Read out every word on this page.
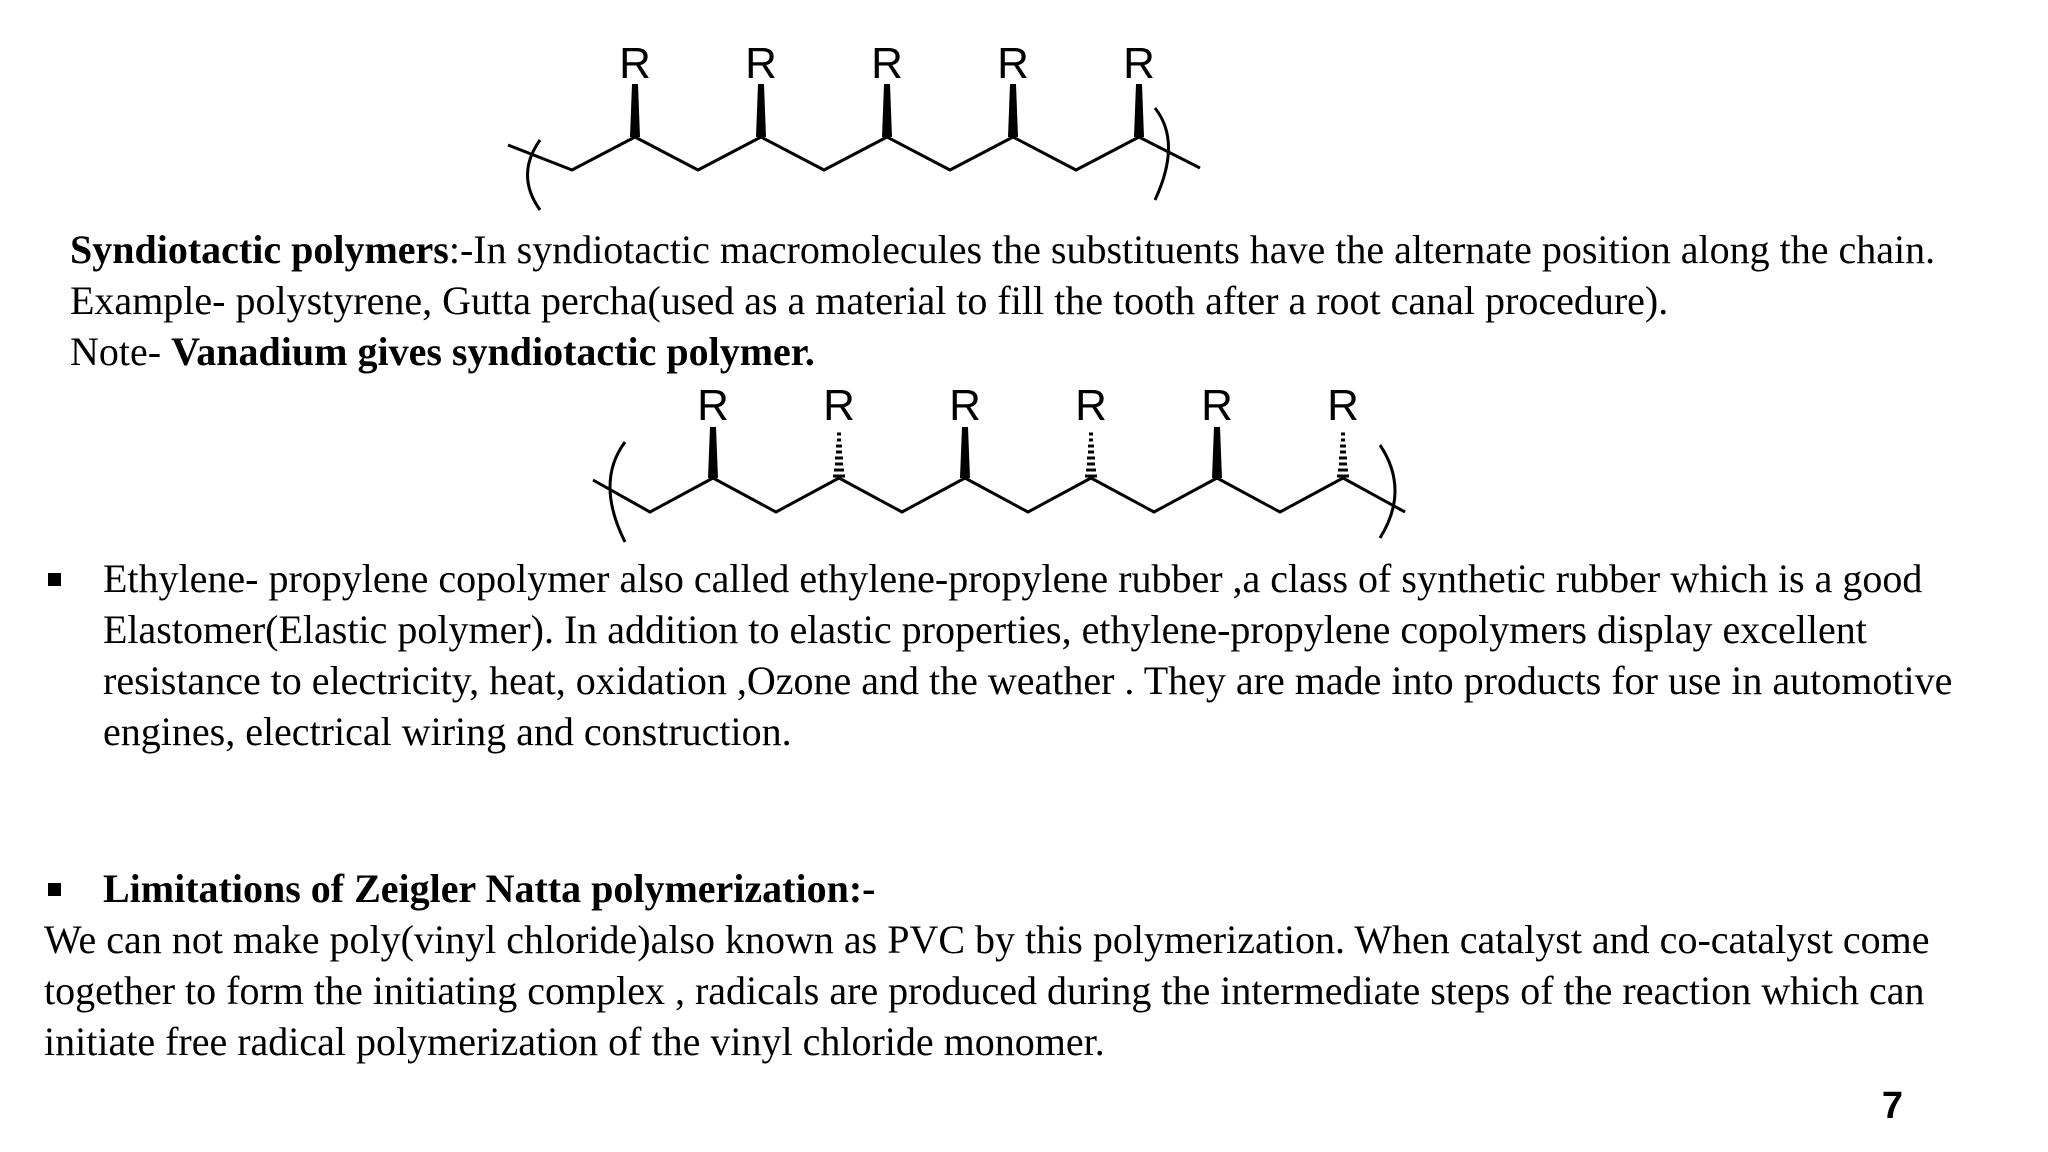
R R R R R

Syndiotactic polymers:-In syndiotactic macromolecules the substituents have the alternate position along the chain. Example- polystyrene, Gutta percha(used as a material to fill the tooth after a root canal procedure).
Note- Vanadium gives syndiotactic polymer.

R R R R R R

Ethylene- propylene copolymer also called ethylene-propylene rubber ,a class of synthetic rubber which is a good Elastomer(Elastic polymer). In addition to elastic properties, ethylene-propylene copolymers display excellent resistance to electricity, heat, oxidation ,Ozone and the weather . They are made into products for use in automotive engines, electrical wiring and construction.

Limitations of Zeigler Natta polymerization:-

We can not make poly(vinyl chloride)also known as PVC by this polymerization. When catalyst and co-catalyst come together to form the initiating complex , radicals are produced during the intermediate steps of the reaction which can initiate free radical polymerization of the vinyl chloride monomer.

7
